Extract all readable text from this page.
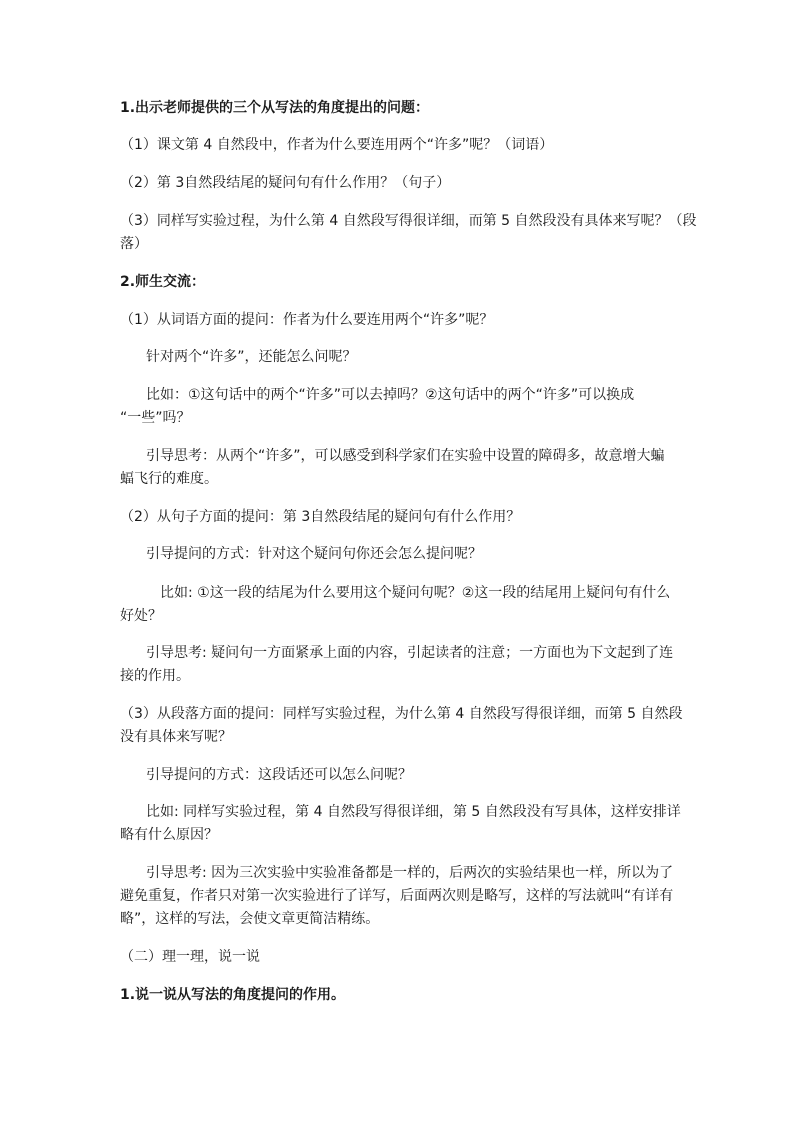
1.出示老师提供的三个从写法的角度提出的问题：
（1）课文第 4 自然段中，作者为什么要连用两个“许多”呢？（词语）
（2）第 3自然段结尾的疑问句有什么作用？（句子）
（3）同样写实验过程，为什么第 4 自然段写得很详细，而第 5 自然段没有具体来写呢？（段
落）
2.师生交流：
（1）从词语方面的提问：作者为什么要连用两个“许多”呢？
针对两个“许多”，还能怎么问呢？
比如：①这句话中的两个“许多”可以去掉吗？②这句话中的两个“许多”可以换成
“一些”吗？
引导思考：从两个“许多”，可以感受到科学家们在实验中设置的障碍多，故意增大蝙
蝠飞行的难度。
（2）从句子方面的提问：第 3自然段结尾的疑问句有什么作用？
引导提问的方式：针对这个疑问句你还会怎么提问呢？
比如: ①这一段的结尾为什么要用这个疑问句呢？②这一段的结尾用上疑问句有什么
好处？
引导思考: 疑问句一方面紧承上面的内容，引起读者的注意；一方面也为下文起到了连
接的作用。
（3）从段落方面的提问：同样写实验过程，为什么第 4 自然段写得很详细，而第 5 自然段
没有具体来写呢？
引导提问的方式：这段话还可以怎么问呢？
比如: 同样写实验过程，第 4 自然段写得很详细，第 5 自然段没有写具体，这样安排详
略有什么原因？
引导思考: 因为三次实验中实验准备都是一样的，后两次的实验结果也一样，所以为了
避免重复，作者只对第一次实验进行了详写，后面两次则是略写，这样的写法就叫“有详有
略”，这样的写法，会使文章更简洁精练。
（二）理一理，说一说
1.说一说从写法的角度提问的作用。
